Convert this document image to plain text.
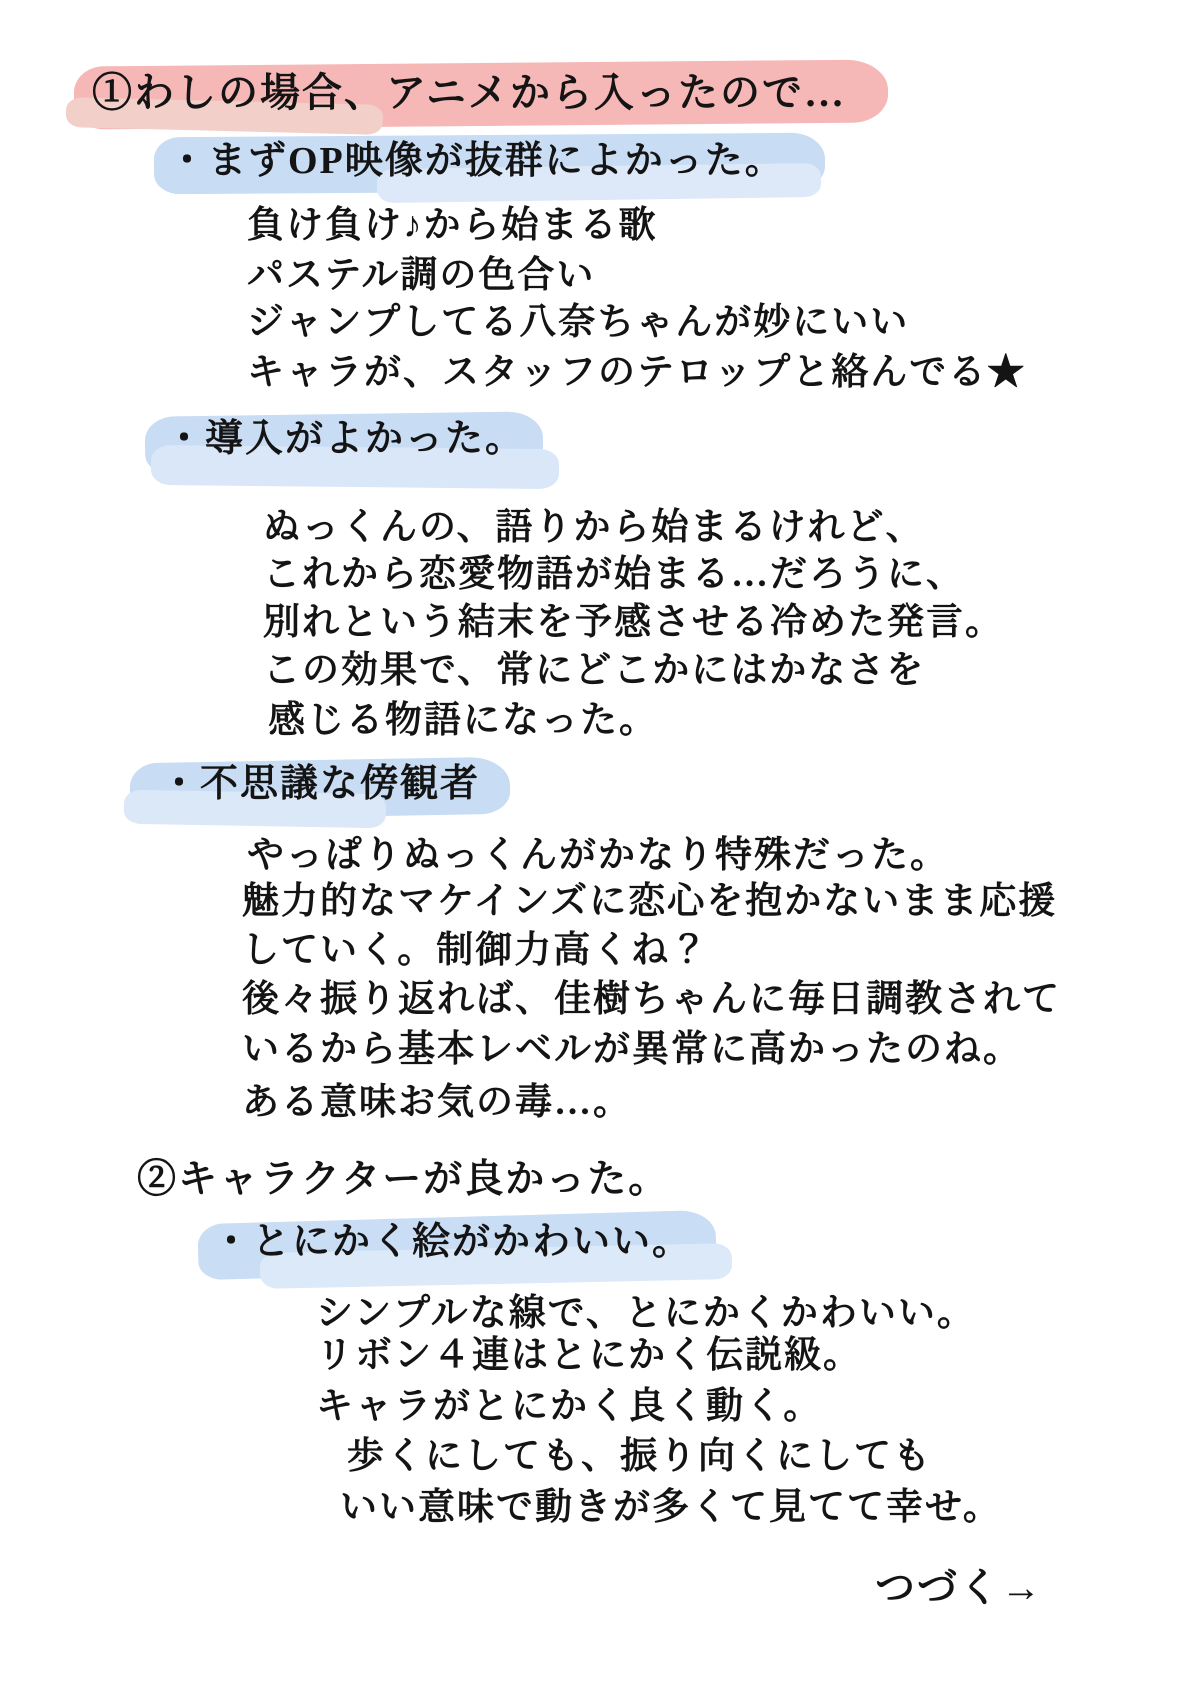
①わしの場合、アニメから入ったので…
・まずOP映像が抜群によかった。
負け負け♪から始まる歌
パステル調の色合い
ジャンプしてる八奈ちゃんが妙にいい
キャラが、スタッフのテロップと絡んでる★
・導入がよかった。
ぬっくんの、語りから始まるけれど、
これから恋愛物語が始まる…だろうに、
別れという結末を予感させる冷めた発言。
この効果で、常にどこかにはかなさを
感じる物語になった。
・不思議な傍観者
やっぱりぬっくんがかなり特殊だった。
魅力的なマケインズに恋心を抱かないまま応援
していく。制御力高くね？
後々振り返れば、佳樹ちゃんに毎日調教されて
いるから基本レベルが異常に高かったのね。
ある意味お気の毒…。
②キャラクターが良かった。
・とにかく絵がかわいい。
シンプルな線で、とにかくかわいい。
リボン４連はとにかく伝説級。
キャラがとにかく良く動く。
歩くにしても、振り向くにしても
いい意味で動きが多くて見てて幸せ。
つづく→
